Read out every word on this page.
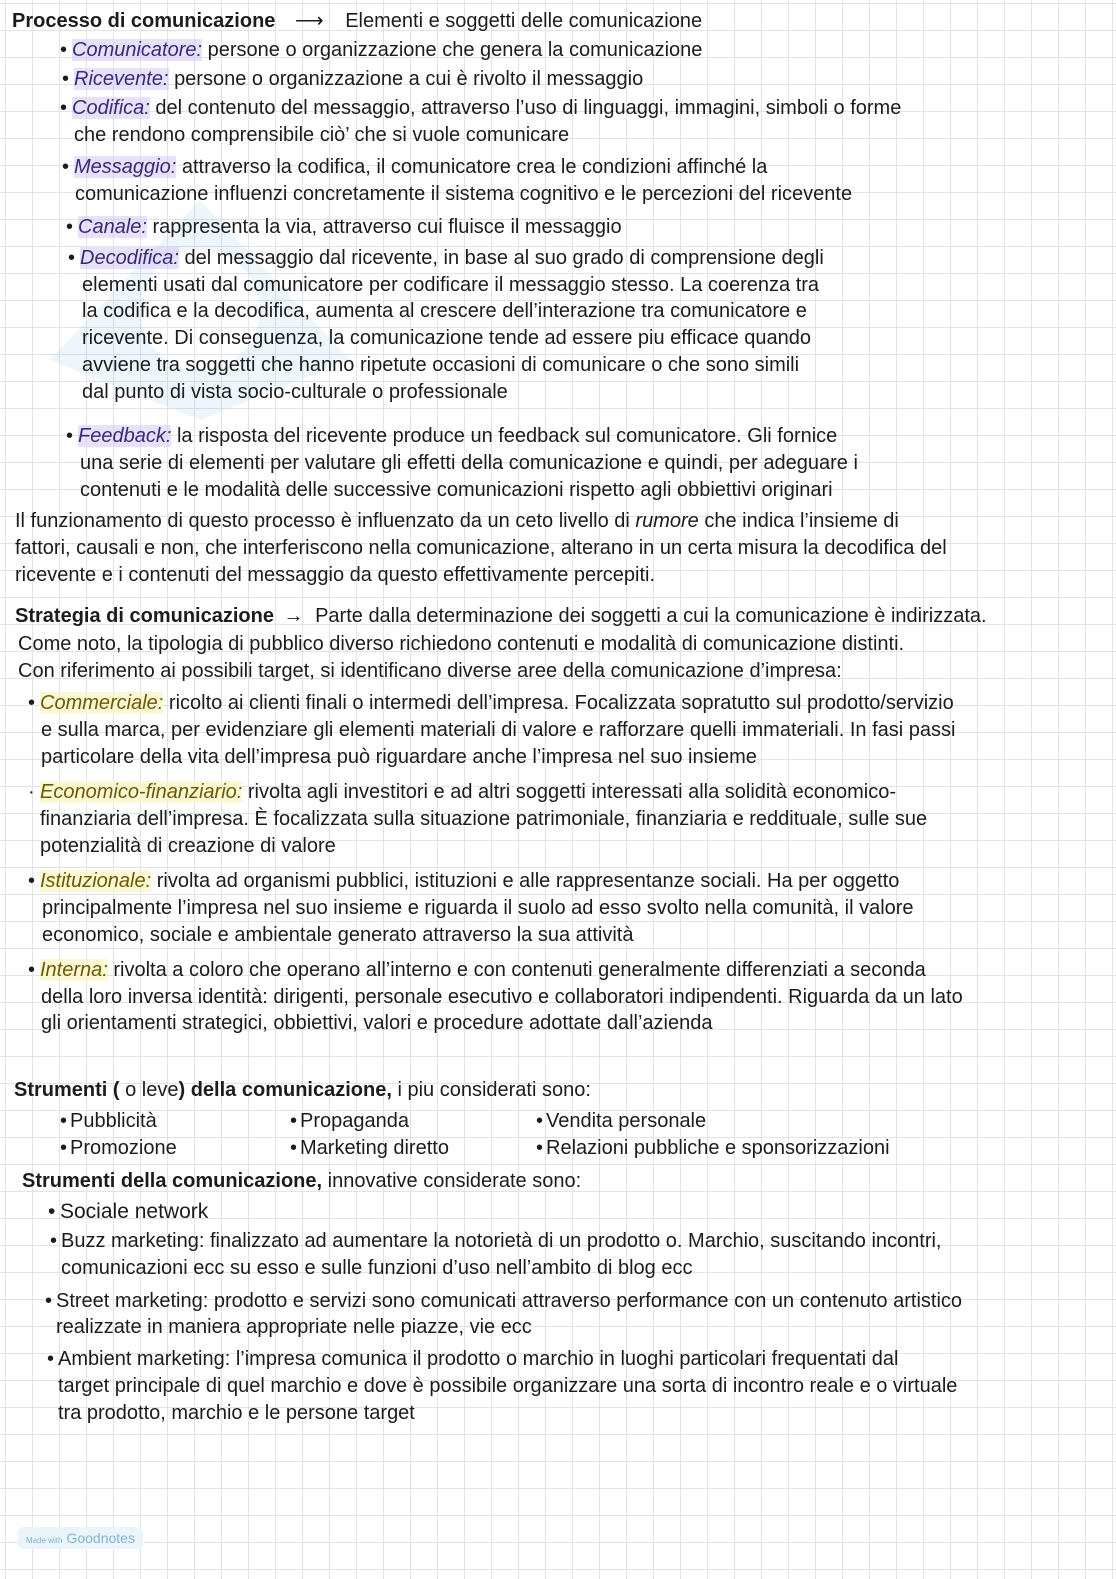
Processo di comunicazione ⟶ Elementi e soggetti delle comunicazione
• Comunicatore: persone o organizzazione che genera la comunicazione
• Ricevente: persone o organizzazione a cui è rivolto il messaggio
• Codifica: del contenuto del messaggio, attraverso l’uso di linguaggi, immagini, simboli o forme
che rendono comprensibile ciò’ che si vuole comunicare
• Messaggio: attraverso la codifica, il comunicatore crea le condizioni affinché la
comunicazione influenzi concretamente il sistema cognitivo e le percezioni del ricevente
• Canale: rappresenta la via, attraverso cui fluisce il messaggio
• Decodifica: del messaggio dal ricevente, in base al suo grado di comprensione degli
elementi usati dal comunicatore per codificare il messaggio stesso. La coerenza tra
la codifica e la decodifica, aumenta al crescere dell’interazione tra comunicatore e
ricevente. Di conseguenza, la comunicazione tende ad essere piu efficace quando
avviene tra soggetti che hanno ripetute occasioni di comunicare o che sono simili
dal punto di vista socio-culturale o professionale
• Feedback: la risposta del ricevente produce un feedback sul comunicatore. Gli fornice
una serie di elementi per valutare gli effetti della comunicazione e quindi, per adeguare i
contenuti e le modalità delle successive comunicazioni rispetto agli obbiettivi originari
Il funzionamento di questo processo è influenzato da un ceto livello di rumore che indica l’insieme di
fattori, causali e non, che interferiscono nella comunicazione, alterano in un certa misura la decodifica del
ricevente e i contenuti del messaggio da questo effettivamente percepiti.
Strategia di comunicazione → Parte dalla determinazione dei soggetti a cui la comunicazione è indirizzata.
Come noto, la tipologia di pubblico diverso richiedono contenuti e modalità di comunicazione distinti.
Con riferimento ai possibili target, si identificano diverse aree della comunicazione d’impresa:
• Commerciale: ricolto ai clienti finali o intermedi dell’impresa. Focalizzata sopratutto sul prodotto/servizio
e sulla marca, per evidenziare gli elementi materiali di valore e rafforzare quelli immateriali. In fasi passi
particolare della vita dell’impresa può riguardare anche l’impresa nel suo insieme
· Economico-finanziario: rivolta agli investitori e ad altri soggetti interessati alla solidità economico-
finanziaria dell’impresa. È focalizzata sulla situazione patrimoniale, finanziaria e reddituale, sulle sue
potenzialità di creazione di valore
• Istituzionale: rivolta ad organismi pubblici, istituzioni e alle rappresentanze sociali. Ha per oggetto
principalmente l’impresa nel suo insieme e riguarda il suolo ad esso svolto nella comunità, il valore
economico, sociale e ambientale generato attraverso la sua attività
• Interna: rivolta a coloro che operano all’interno e con contenuti generalmente differenziati a seconda
della loro inversa identità: dirigenti, personale esecutivo e collaboratori indipendenti. Riguarda da un lato
gli orientamenti strategici, obbiettivi, valori e procedure adottate dall’azienda
Strumenti ( o leve) della comunicazione, i piu considerati sono:
• Pubblicità
• Promozione
• Propaganda
• Marketing diretto
• Vendita personale
• Relazioni pubbliche e sponsorizzazioni
Strumenti della comunicazione, innovative considerate sono:
• Sociale network
• Buzz marketing: finalizzato ad aumentare la notorietà di un prodotto o. Marchio, suscitando incontri,
comunicazioni ecc su esso e sulle funzioni d’uso nell’ambito di blog ecc
• Street marketing: prodotto e servizi sono comunicati attraverso performance con un contenuto artistico
realizzate in maniera appropriate nelle piazze, vie ecc
• Ambient marketing: l’impresa comunica il prodotto o marchio in luoghi particolari frequentati dal
target principale di quel marchio e dove è possibile organizzare una sorta di incontro reale e o virtuale
tra prodotto, marchio e le persone target
Made with Goodnotes
